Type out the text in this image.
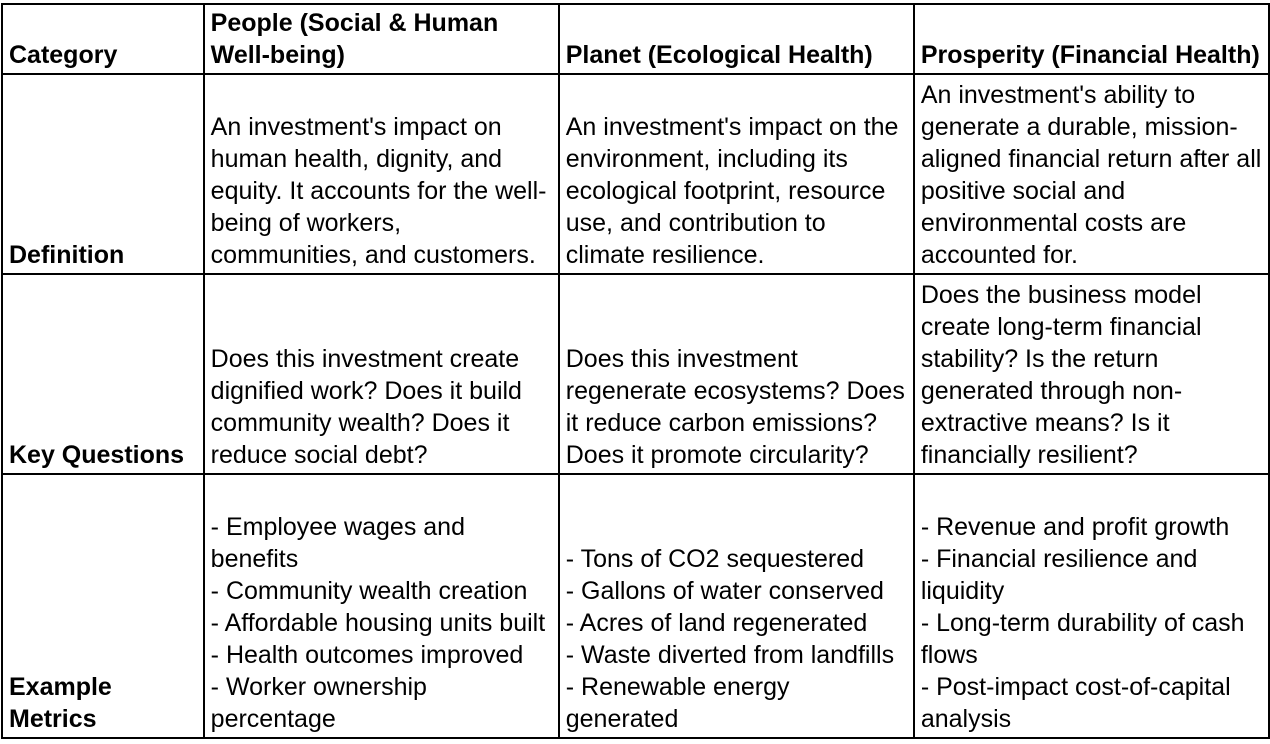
Category	People (Social & Human Well-being)	Planet (Ecological Health)	Prosperity (Financial Health)
Definition	An investment's impact on human health, dignity, and equity. It accounts for the well-being of workers, communities, and customers.	An investment's impact on the environment, including its ecological footprint, resource use, and contribution to climate resilience.	An investment's ability to generate a durable, mission-aligned financial return after all positive social and environmental costs are accounted for.
Key Questions	Does this investment create dignified work? Does it build community wealth? Does it reduce social debt?	Does this investment regenerate ecosystems? Does it reduce carbon emissions? Does it promote circularity?	Does the business model create long-term financial stability? Is the return generated through non-extractive means? Is it financially resilient?
Example Metrics	- Employee wages and benefits
- Community wealth creation
- Affordable housing units built
- Health outcomes improved
- Worker ownership percentage	- Tons of CO2 sequestered
- Gallons of water conserved
- Acres of land regenerated
- Waste diverted from landfills
- Renewable energy generated	- Revenue and profit growth
- Financial resilience and liquidity
- Long-term durability of cash flows
- Post-impact cost-of-capital analysis
